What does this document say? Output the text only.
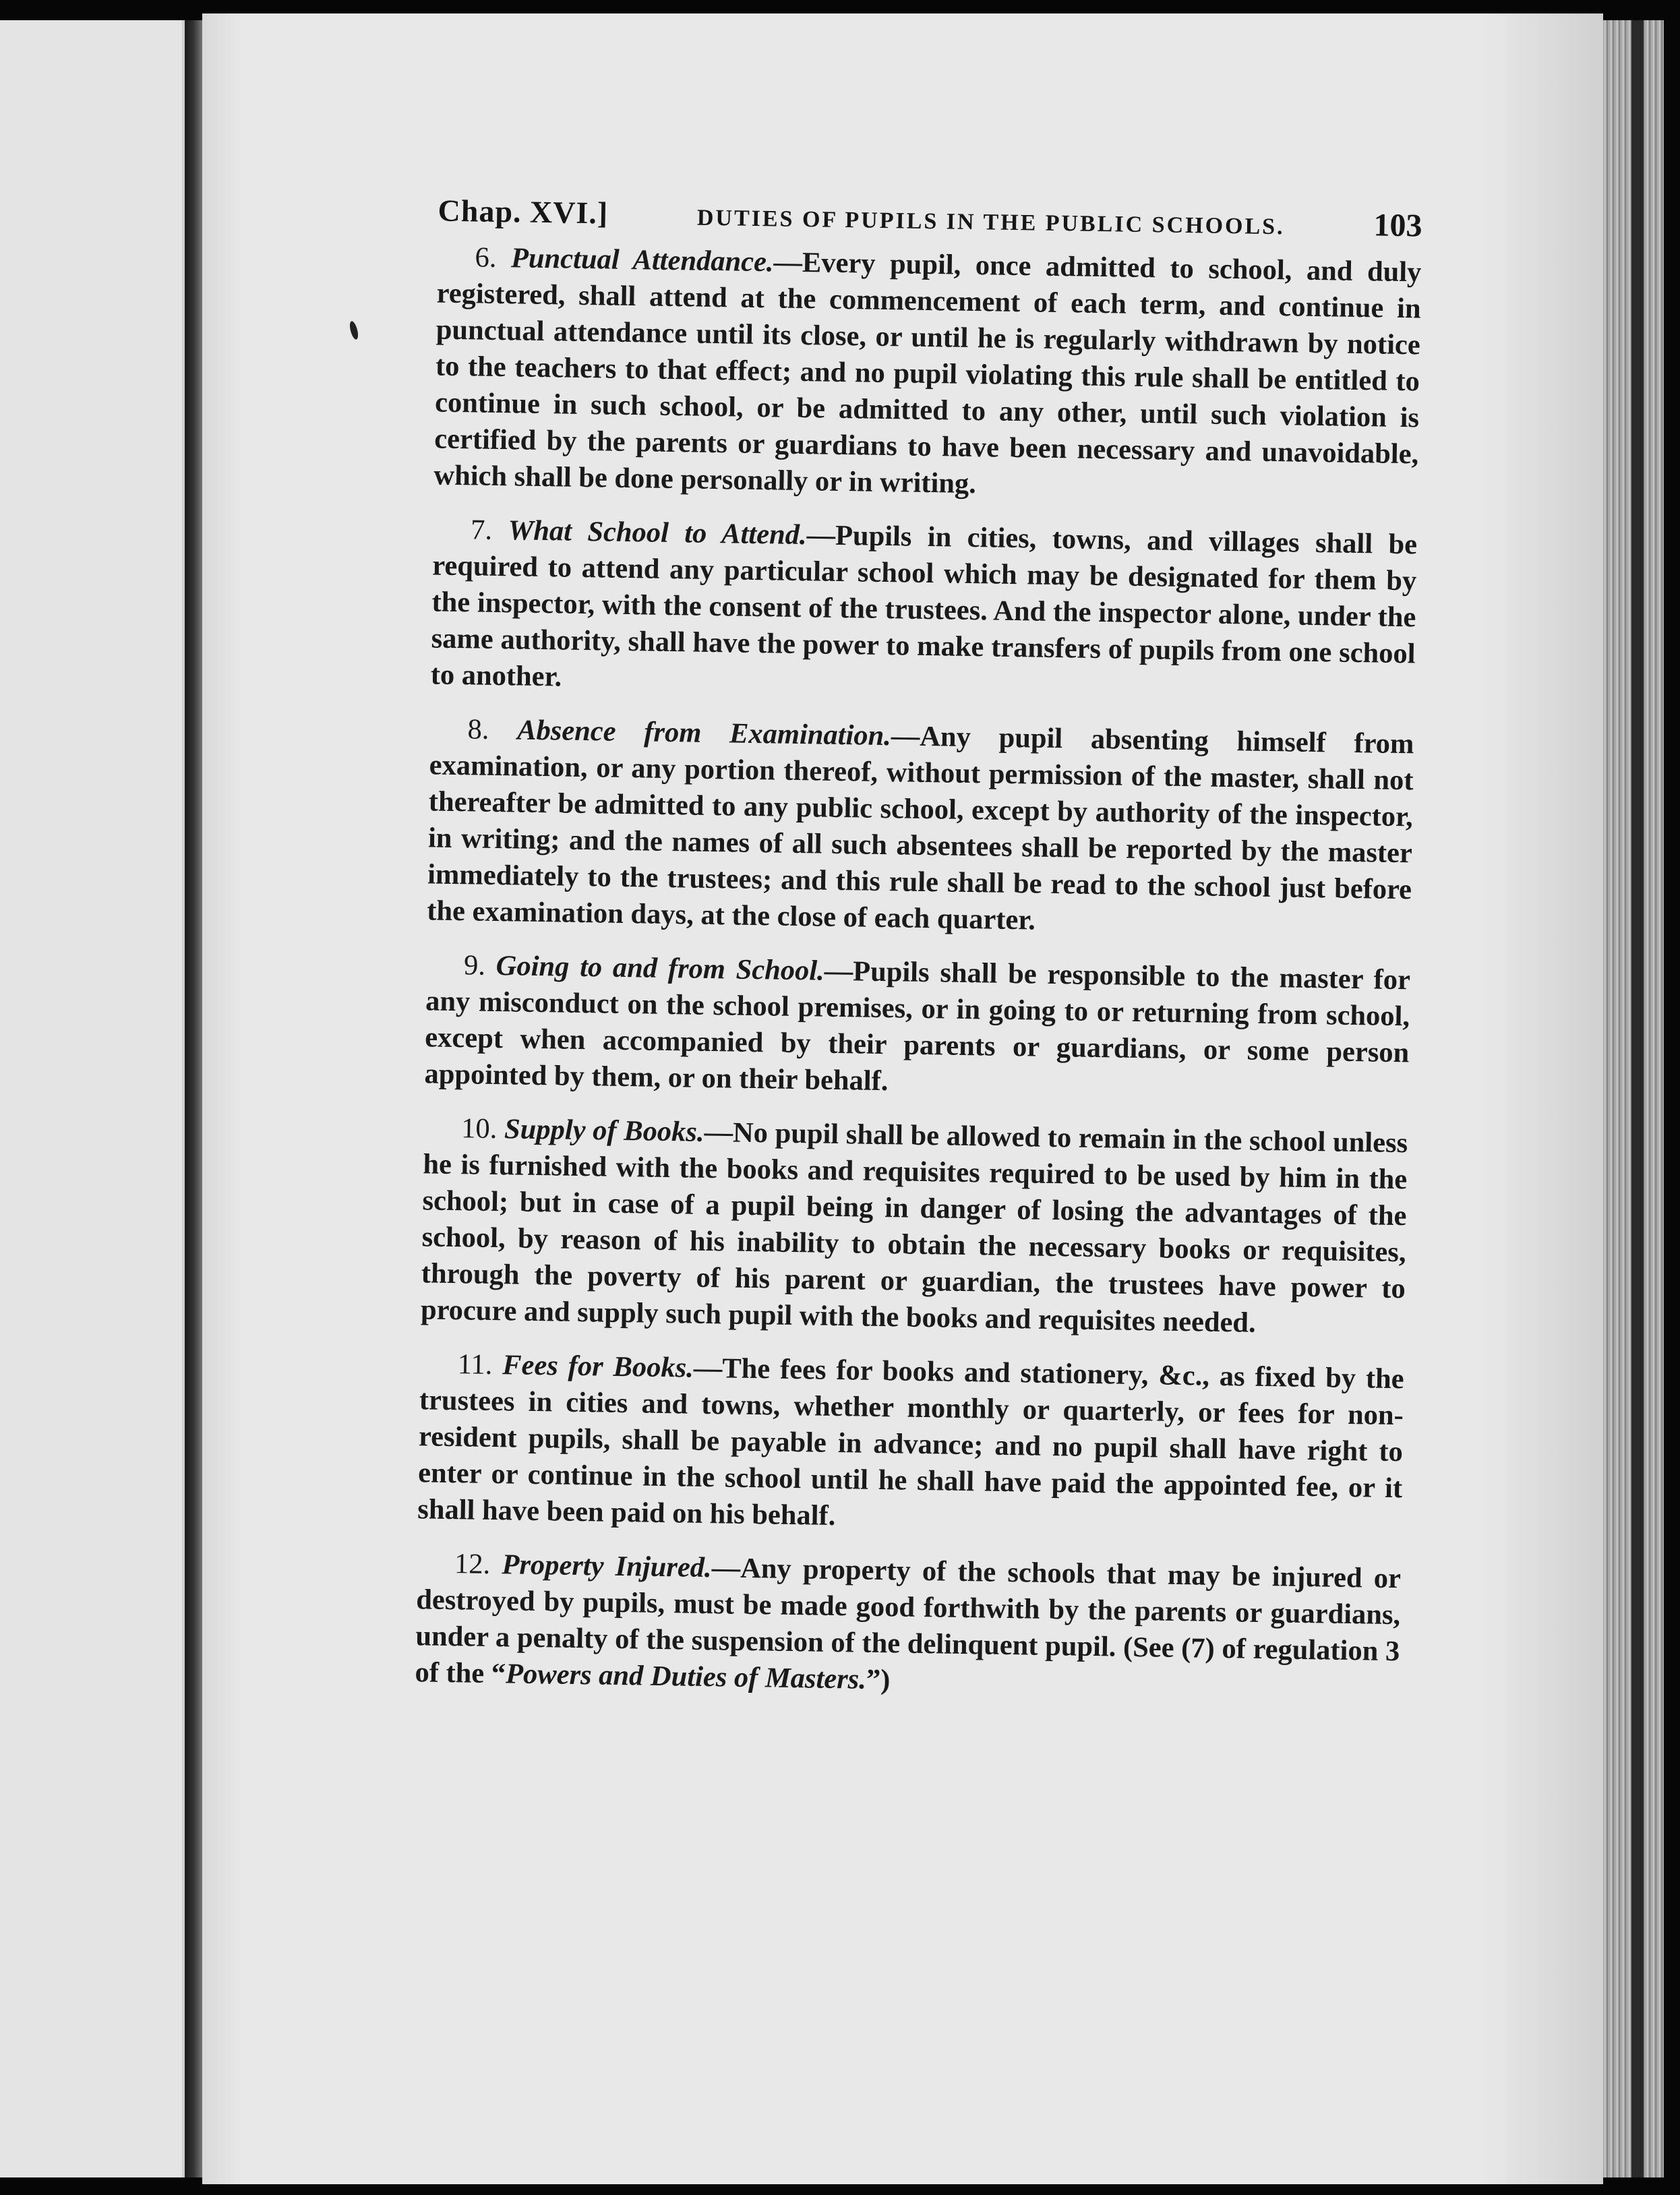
Chap. XVI.]	DUTIES OF PUPILS IN THE PUBLIC SCHOOLS.	103

6. Punctual Attendance.—Every pupil, once admitted to school, and duly registered, shall attend at the commencement of each term, and continue in punctual attendance until its close, or until he is regularly withdrawn by notice to the teachers to that effect; and no pupil violating this rule shall be entitled to continue in such school, or be admitted to any other, until such violation is certified by the parents or guardians to have been necessary and unavoidable, which shall be done personally or in writing.

7. What School to Attend.—Pupils in cities, towns, and villages shall be required to attend any particular school which may be designated for them by the inspector, with the consent of the trustees. And the inspector alone, under the same authority, shall have the power to make transfers of pupils from one school to another.

8. Absence from Examination.—Any pupil absenting himself from examination, or any portion thereof, without permission of the master, shall not thereafter be admitted to any public school, except by authority of the inspector, in writing; and the names of all such absentees shall be reported by the master immediately to the trustees; and this rule shall be read to the school just before the examination days, at the close of each quarter.

9. Going to and from School.—Pupils shall be responsible to the master for any misconduct on the school premises, or in going to or returning from school, except when accompanied by their parents or guardians, or some person appointed by them, or on their behalf.

10. Supply of Books.—No pupil shall be allowed to remain in the school unless he is furnished with the books and requisites required to be used by him in the school; but in case of a pupil being in danger of losing the advantages of the school, by reason of his inability to obtain the necessary books or requisites, through the poverty of his parent or guardian, the trustees have power to procure and supply such pupil with the books and requisites needed.

11. Fees for Books.—The fees for books and stationery, &c., as fixed by the trustees in cities and towns, whether monthly or quarterly, or fees for non-resident pupils, shall be payable in advance; and no pupil shall have right to enter or continue in the school until he shall have paid the appointed fee, or it shall have been paid on his behalf.

12. Property Injured.—Any property of the schools that may be injured or destroyed by pupils, must be made good forthwith by the parents or guardians, under a penalty of the suspension of the delinquent pupil. (See (7) of regulation 3 of the “Powers and Duties of Masters.”)
